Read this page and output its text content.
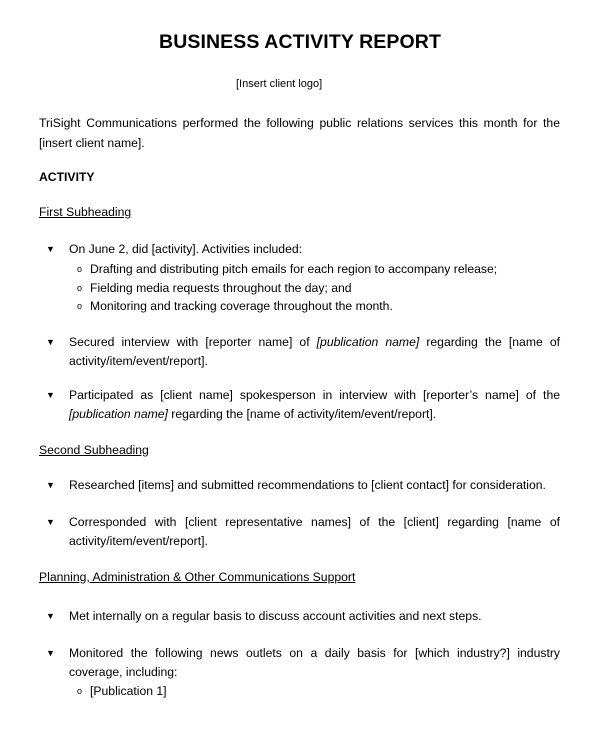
BUSINESS ACTIVITY REPORT
[Insert client logo]
TriSight Communications performed the following public relations services this month for the [insert client name].
ACTIVITY
First Subheading
▼ On June 2, did [activity]. Activities included:
o Drafting and distributing pitch emails for each region to accompany release;
o Fielding media requests throughout the day; and
o Monitoring and tracking coverage throughout the month.
▼ Secured interview with [reporter name] of [publication name] regarding the [name of activity/item/event/report].
▼ Participated as [client name] spokesperson in interview with [reporter’s name] of the [publication name] regarding the [name of activity/item/event/report].
Second Subheading
▼ Researched [items] and submitted recommendations to [client contact] for consideration.
▼ Corresponded with [client representative names] of the [client] regarding [name of activity/item/event/report].
Planning, Administration & Other Communications Support
▼ Met internally on a regular basis to discuss account activities and next steps.
▼ Monitored the following news outlets on a daily basis for [which industry?] industry coverage, including:
o [Publication 1]
